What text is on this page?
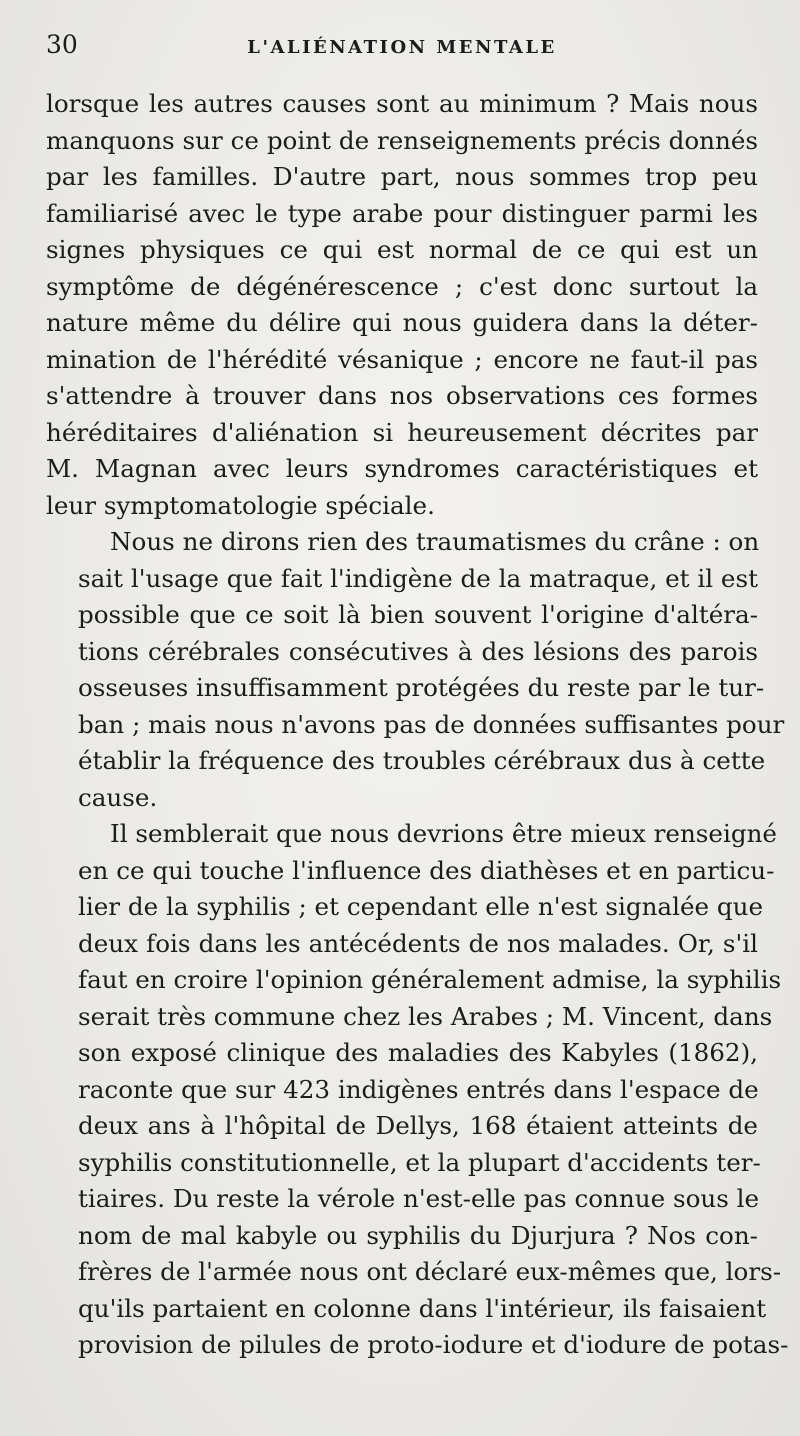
30	L'ALIÉNATION MENTALE
lorsque les autres causes sont au minimum ? Mais nous
manquons sur ce point de renseignements précis donnés
par les familles. D'autre part, nous sommes trop peu
familiarisé avec le type arabe pour distinguer parmi les
signes physiques ce qui est normal de ce qui est un
symptôme de dégénérescence ; c'est donc surtout la
nature même du délire qui nous guidera dans la déter-
mination de l'hérédité vésanique ; encore ne faut-il pas
s'attendre à trouver dans nos observations ces formes
héréditaires d'aliénation si heureusement décrites par
M. Magnan avec leurs syndromes caractéristiques et
leur symptomatologie spéciale.
Nous ne dirons rien des traumatismes du crâne : on
sait l'usage que fait l'indigène de la matraque, et il est
possible que ce soit là bien souvent l'origine d'altéra-
tions cérébrales consécutives à des lésions des parois
osseuses insuffisamment protégées du reste par le tur-
ban ; mais nous n'avons pas de données suffisantes pour
établir la fréquence des troubles cérébraux dus à cette
cause.
Il semblerait que nous devrions être mieux renseigné
en ce qui touche l'influence des diathèses et en particu-
lier de la syphilis ; et cependant elle n'est signalée que
deux fois dans les antécédents de nos malades. Or, s'il
faut en croire l'opinion généralement admise, la syphilis
serait très commune chez les Arabes ; M. Vincent, dans
son exposé clinique des maladies des Kabyles (1862),
raconte que sur 423 indigènes entrés dans l'espace de
deux ans à l'hôpital de Dellys, 168 étaient atteints de
syphilis constitutionnelle, et la plupart d'accidents ter-
tiaires. Du reste la vérole n'est-elle pas connue sous le
nom de mal kabyle ou syphilis du Djurjura ? Nos con-
frères de l'armée nous ont déclaré eux-mêmes que, lors-
qu'ils partaient en colonne dans l'intérieur, ils faisaient
provision de pilules de proto-iodure et d'iodure de potas-
